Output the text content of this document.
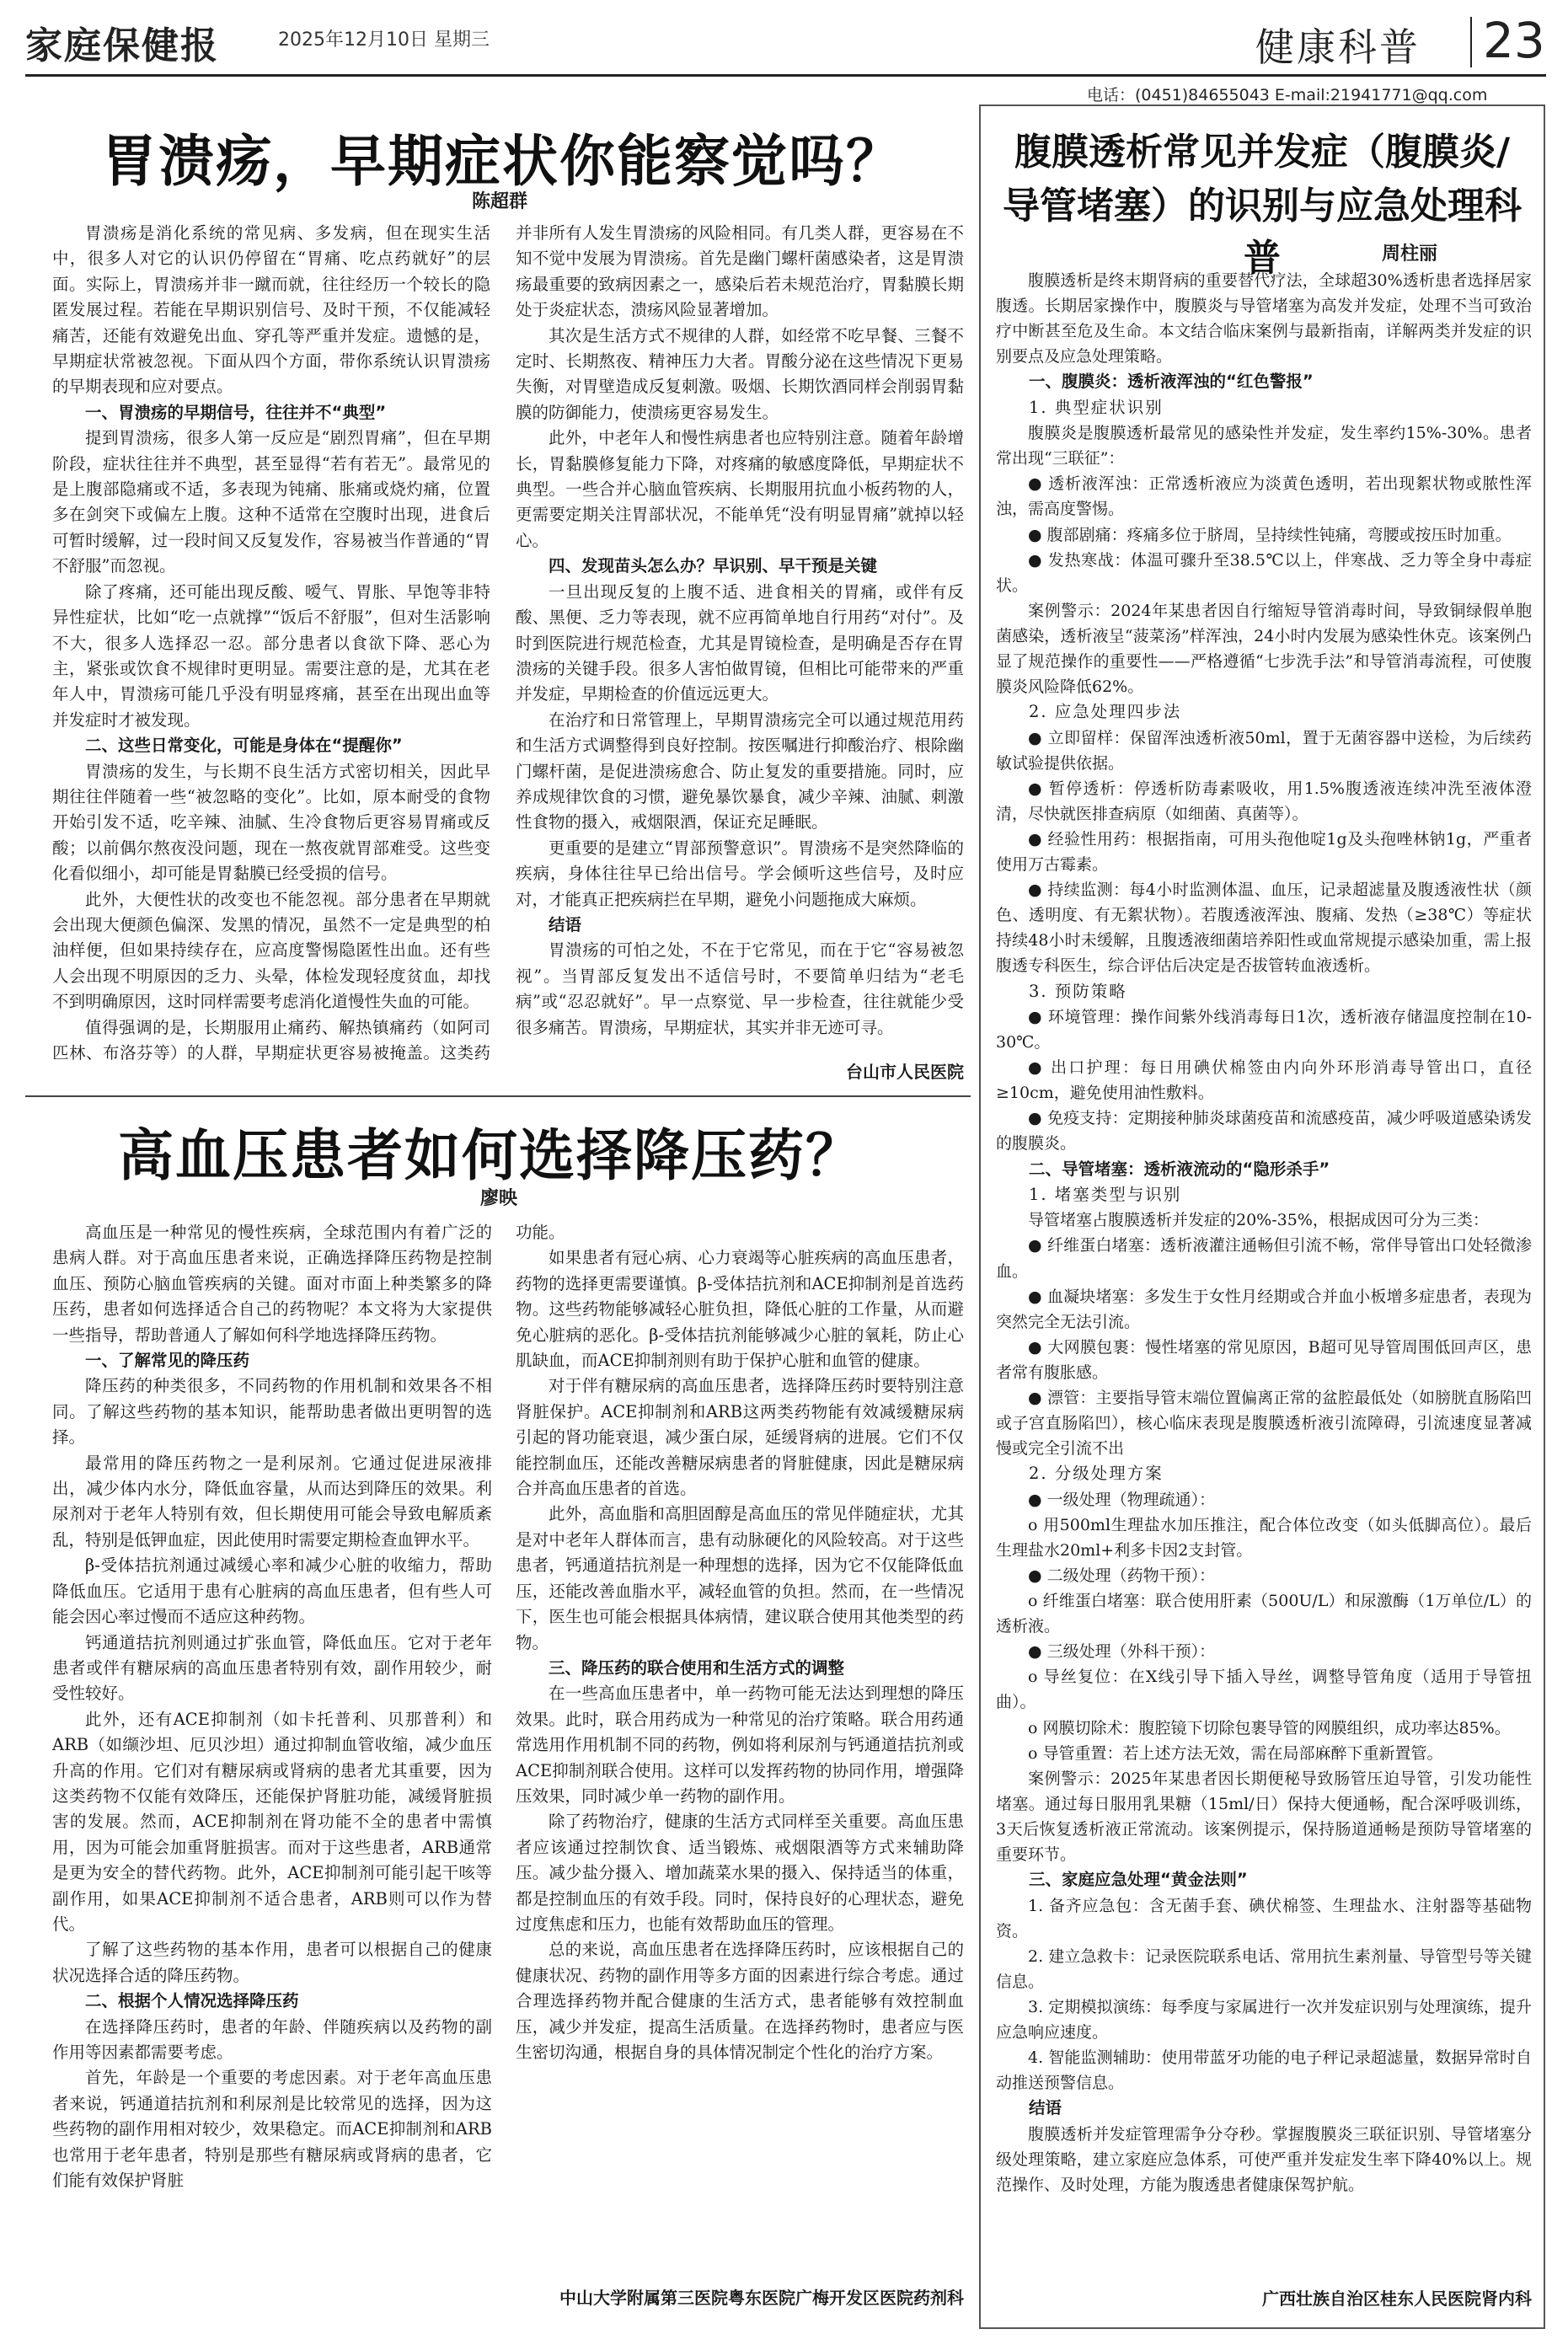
家庭保健报	2025年12月10日 星期三	健康科普 23
电话：(0451)84655043 E-mail:21941771@qq.com
胃溃疡，早期症状你能察觉吗？
陈超群

胃溃疡是消化系统的常见病、多发病，但在现实生活中，很多人对它的认识仍停留在“胃痛、吃点药就好”的层面。实际上，胃溃疡并非一蹴而就，往往经历一个较长的隐匿发展过程。若能在早期识别信号、及时干预，不仅能减轻痛苦，还能有效避免出血、穿孔等严重并发症。遗憾的是，早期症状常被忽视。下面从四个方面，带你系统认识胃溃疡的早期表现和应对要点。

一、胃溃疡的早期信号，往往并不“典型”

提到胃溃疡，很多人第一反应是“剧烈胃痛”，但在早期阶段，症状往往并不典型，甚至显得“若有若无”。最常见的是上腹部隐痛或不适，多表现为钝痛、胀痛或烧灼痛，位置多在剑突下或偏左上腹。这种不适常在空腹时出现，进食后可暂时缓解，过一段时间又反复发作，容易被当作普通的“胃不舒服”而忽视。

除了疼痛，还可能出现反酸、嗳气、胃胀、早饱等非特异性症状，比如“吃一点就撑”“饭后不舒服”，但对生活影响不大，很多人选择忍一忍。部分患者以食欲下降、恶心为主，紧张或饮食不规律时更明显。需要注意的是，尤其在老年人中，胃溃疡可能几乎没有明显疼痛，甚至在出现出血等并发症时才被发现。

二、这些日常变化，可能是身体在“提醒你”

胃溃疡的发生，与长期不良生活方式密切相关，因此早期往往伴随着一些“被忽略的变化”。比如，原本耐受的食物开始引发不适，吃辛辣、油腻、生冷食物后更容易胃痛或反酸；以前偶尔熬夜没问题，现在一熬夜就胃部难受。这些变化看似细小，却可能是胃黏膜已经受损的信号。

此外，大便性状的改变也不能忽视。部分患者在早期就会出现大便颜色偏深、发黑的情况，虽然不一定是典型的柏油样便，但如果持续存在，应高度警惕隐匿性出血。还有些人会出现不明原因的乏力、头晕，体检发现轻度贫血，却找不到明确原因，这时同样需要考虑消化道慢性失血的可能。

值得强调的是，长期服用止痛药、解热镇痛药（如阿司匹林、布洛芬等）的人群，早期症状更容易被掩盖。这类药

并非所有人发生胃溃疡的风险相同。有几类人群，更容易在不知不觉中发展为胃溃疡。首先是幽门螺杆菌感染者，这是胃溃疡最重要的致病因素之一，感染后若未规范治疗，胃黏膜长期处于炎症状态，溃疡风险显著增加。

其次是生活方式不规律的人群，如经常不吃早餐、三餐不定时、长期熬夜、精神压力大者。胃酸分泌在这些情况下更易失衡，对胃壁造成反复刺激。吸烟、长期饮酒同样会削弱胃黏膜的防御能力，使溃疡更容易发生。

此外，中老年人和慢性病患者也应特别注意。随着年龄增长，胃黏膜修复能力下降，对疼痛的敏感度降低，早期症状不典型。一些合并心脑血管疾病、长期服用抗血小板药物的人，更需要定期关注胃部状况，不能单凭“没有明显胃痛”就掉以轻心。

四、发现苗头怎么办？早识别、早干预是关键

一旦出现反复的上腹不适、进食相关的胃痛，或伴有反酸、黑便、乏力等表现，就不应再简单地自行用药“对付”。及时到医院进行规范检查，尤其是胃镜检查，是明确是否存在胃溃疡的关键手段。很多人害怕做胃镜，但相比可能带来的严重并发症，早期检查的价值远远更大。

在治疗和日常管理上，早期胃溃疡完全可以通过规范用药和生活方式调整得到良好控制。按医嘱进行抑酸治疗、根除幽门螺杆菌，是促进溃疡愈合、防止复发的重要措施。同时，应养成规律饮食的习惯，避免暴饮暴食，减少辛辣、油腻、刺激性食物的摄入，戒烟限酒，保证充足睡眠。

更重要的是建立“胃部预警意识”。胃溃疡不是突然降临的疾病，身体往往早已给出信号。学会倾听这些信号，及时应对，才能真正把疾病拦在早期，避免小问题拖成大麻烦。

结语

胃溃疡的可怕之处，不在于它常见，而在于它“容易被忽视”。当胃部反复发出不适信号时，不要简单归结为“老毛病”或“忍忍就好”。早一点察觉、早一步检查，往往就能少受很多痛苦。胃溃疡，早期症状，其实并非无迹可寻。

台山市人民医院
高血压患者如何选择降压药？
廖映

高血压是一种常见的慢性疾病，全球范围内有着广泛的患病人群。对于高血压患者来说，正确选择降压药物是控制血压、预防心脑血管疾病的关键。面对市面上种类繁多的降压药，患者如何选择适合自己的药物呢？本文将为大家提供一些指导，帮助普通人了解如何科学地选择降压药物。

一、了解常见的降压药

降压药的种类很多，不同药物的作用机制和效果各不相同。了解这些药物的基本知识，能帮助患者做出更明智的选择。

最常用的降压药物之一是利尿剂。它通过促进尿液排出，减少体内水分，降低血容量，从而达到降压的效果。利尿剂对于老年人特别有效，但长期使用可能会导致电解质紊乱，特别是低钾血症，因此使用时需要定期检查血钾水平。

β-受体拮抗剂通过减缓心率和减少心脏的收缩力，帮助降低血压。它适用于患有心脏病的高血压患者，但有些人可能会因心率过慢而不适应这种药物。

钙通道拮抗剂则通过扩张血管，降低血压。它对于老年患者或伴有糖尿病的高血压患者特别有效，副作用较少，耐受性较好。

此外，还有ACE抑制剂（如卡托普利、贝那普利）和ARB（如缬沙坦、厄贝沙坦）通过抑制血管收缩，减少血压升高的作用。它们对有糖尿病或肾病的患者尤其重要，因为这类药物不仅能有效降压，还能保护肾脏功能，减缓肾脏损害的发展。然而，ACE抑制剂在肾功能不全的患者中需慎用，因为可能会加重肾脏损害。而对于这些患者，ARB通常是更为安全的替代药物。此外，ACE抑制剂可能引起干咳等副作用，如果ACE抑制剂不适合患者，ARB则可以作为替代。

了解了这些药物的基本作用，患者可以根据自己的健康状况选择合适的降压药物。

二、根据个人情况选择降压药

在选择降压药时，患者的年龄、伴随疾病以及药物的副作用等因素都需要考虑。

首先，年龄是一个重要的考虑因素。对于老年高血压患者来说，钙通道拮抗剂和利尿剂是比较常见的选择，因为这些药物的副作用相对较少，效果稳定。而ACE抑制剂和ARB也常用于老年患者，特别是那些有糖尿病或肾病的患者，它们能有效保护肾脏

功能。

如果患者有冠心病、心力衰竭等心脏疾病的高血压患者，药物的选择更需要谨慎。β-受体拮抗剂和ACE抑制剂是首选药物。这些药物能够减轻心脏负担，降低心脏的工作量，从而避免心脏病的恶化。β-受体拮抗剂能够减少心脏的氧耗，防止心肌缺血，而ACE抑制剂则有助于保护心脏和血管的健康。

对于伴有糖尿病的高血压患者，选择降压药时要特别注意肾脏保护。ACE抑制剂和ARB这两类药物能有效减缓糖尿病引起的肾功能衰退，减少蛋白尿，延缓肾病的进展。它们不仅能控制血压，还能改善糖尿病患者的肾脏健康，因此是糖尿病合并高血压患者的首选。

此外，高血脂和高胆固醇是高血压的常见伴随症状，尤其是对中老年人群体而言，患有动脉硬化的风险较高。对于这些患者，钙通道拮抗剂是一种理想的选择，因为它不仅能降低血压，还能改善血脂水平，减轻血管的负担。然而，在一些情况下，医生也可能会根据具体病情，建议联合使用其他类型的药物。

三、降压药的联合使用和生活方式的调整

在一些高血压患者中，单一药物可能无法达到理想的降压效果。此时，联合用药成为一种常见的治疗策略。联合用药通常选用作用机制不同的药物，例如将利尿剂与钙通道拮抗剂或ACE抑制剂联合使用。这样可以发挥药物的协同作用，增强降压效果，同时减少单一药物的副作用。

除了药物治疗，健康的生活方式同样至关重要。高血压患者应该通过控制饮食、适当锻炼、戒烟限酒等方式来辅助降压。减少盐分摄入、增加蔬菜水果的摄入、保持适当的体重，都是控制血压的有效手段。同时，保持良好的心理状态，避免过度焦虑和压力，也能有效帮助血压的管理。

总的来说，高血压患者在选择降压药时，应该根据自己的健康状况、药物的副作用等多方面的因素进行综合考虑。通过合理选择药物并配合健康的生活方式，患者能够有效控制血压，减少并发症，提高生活质量。在选择药物时，患者应与医生密切沟通，根据自身的具体情况制定个性化的治疗方案。

中山大学附属第三医院粤东医院广梅开发区医院药剂科
腹膜透析常见并发症（腹膜炎/
导管堵塞）的识别与应急处理科普	周柱丽

腹膜透析是终末期肾病的重要替代疗法，全球超30%透析患者选择居家腹透。长期居家操作中，腹膜炎与导管堵塞为高发并发症，处理不当可致治疗中断甚至危及生命。本文结合临床案例与最新指南，详解两类并发症的识别要点及应急处理策略。

一、腹膜炎：透析液浑浊的“红色警报”
1. 典型症状识别

腹膜炎是腹膜透析最常见的感染性并发症，发生率约15%-30%。患者常出现“三联征”：

● 透析液浑浊：正常透析液应为淡黄色透明，若出现絮状物或脓性浑浊，需高度警惕。

● 腹部剧痛：疼痛多位于脐周，呈持续性钝痛，弯腰或按压时加重。

● 发热寒战：体温可骤升至38.5℃以上，伴寒战、乏力等全身中毒症状。

案例警示：2024年某患者因自行缩短导管消毒时间，导致铜绿假单胞菌感染，透析液呈“菠菜汤”样浑浊，24小时内发展为感染性休克。该案例凸显了规范操作的重要性——严格遵循“七步洗手法”和导管消毒流程，可使腹膜炎风险降低62%。

2. 应急处理四步法

● 立即留样：保留浑浊透析液50ml，置于无菌容器中送检，为后续药敏试验提供依据。

● 暂停透析：停透析防毒素吸收，用1.5%腹透液连续冲洗至液体澄清，尽快就医排查病原（如细菌、真菌等）。

● 经验性用药：根据指南，可用头孢他啶1g及头孢唑林钠1g，严重者使用万古霉素。

● 持续监测：每4小时监测体温、血压，记录超滤量及腹透液性状（颜色、透明度、有无絮状物）。若腹透液浑浊、腹痛、发热（≥38℃）等症状持续48小时未缓解，且腹透液细菌培养阳性或血常规提示感染加重，需上报腹透专科医生，综合评估后决定是否拔管转血液透析。

3. 预防策略

● 环境管理：操作间紫外线消毒每日1次，透析液存储温度控制在10-30℃。

● 出口护理：每日用碘伏棉签由内向外环形消毒导管出口，直径≥10cm，避免使用油性敷料。

● 免疫支持：定期接种肺炎球菌疫苗和流感疫苗，减少呼吸道感染诱发的腹膜炎。

二、导管堵塞：透析液流动的“隐形杀手”
1. 堵塞类型与识别

导管堵塞占腹膜透析并发症的20%-35%，根据成因可分为三类：

● 纤维蛋白堵塞：透析液灌注通畅但引流不畅，常伴导管出口处轻微渗血。

● 血凝块堵塞：多发生于女性月经期或合并血小板增多症患者，表现为突然完全无法引流。

● 大网膜包裹：慢性堵塞的常见原因，B超可见导管周围低回声区，患者常有腹胀感。

● 漂管：主要指导管末端位置偏离正常的盆腔最低处（如膀胱直肠陷凹或子宫直肠陷凹），核心临床表现是腹膜透析液引流障碍，引流速度显著减慢或完全引流不出

2. 分级处理方案

● 一级处理（物理疏通）：

o 用500ml生理盐水加压推注，配合体位改变（如头低脚高位）。最后生理盐水20ml+利多卡因2支封管。

● 二级处理（药物干预）：

o 纤维蛋白堵塞：联合使用肝素（500U/L）和尿激酶（1万单位/L）的透析液。

● 三级处理（外科干预）：

o 导丝复位：在X线引导下插入导丝，调整导管角度（适用于导管扭曲）。

o 网膜切除术：腹腔镜下切除包裹导管的网膜组织，成功率达85%。

o 导管重置：若上述方法无效，需在局部麻醉下重新置管。

案例警示：2025年某患者因长期便秘导致肠管压迫导管，引发功能性堵塞。通过每日服用乳果糖（15ml/日）保持大便通畅，配合深呼吸训练，3天后恢复透析液正常流动。该案例提示，保持肠道通畅是预防导管堵塞的重要环节。

三、家庭应急处理“黄金法则”

1. 备齐应急包：含无菌手套、碘伏棉签、生理盐水、注射器等基础物资。

2. 建立急救卡：记录医院联系电话、常用抗生素剂量、导管型号等关键信息。

3. 定期模拟演练：每季度与家属进行一次并发症识别与处理演练，提升应急响应速度。

4. 智能监测辅助：使用带蓝牙功能的电子秤记录超滤量，数据异常时自动推送预警信息。

结语

腹膜透析并发症管理需争分夺秒。掌握腹膜炎三联征识别、导管堵塞分级处理策略，建立家庭应急体系，可使严重并发症发生率下降40%以上。规范操作、及时处理，方能为腹透患者健康保驾护航。

广西壮族自治区桂东人民医院肾内科
